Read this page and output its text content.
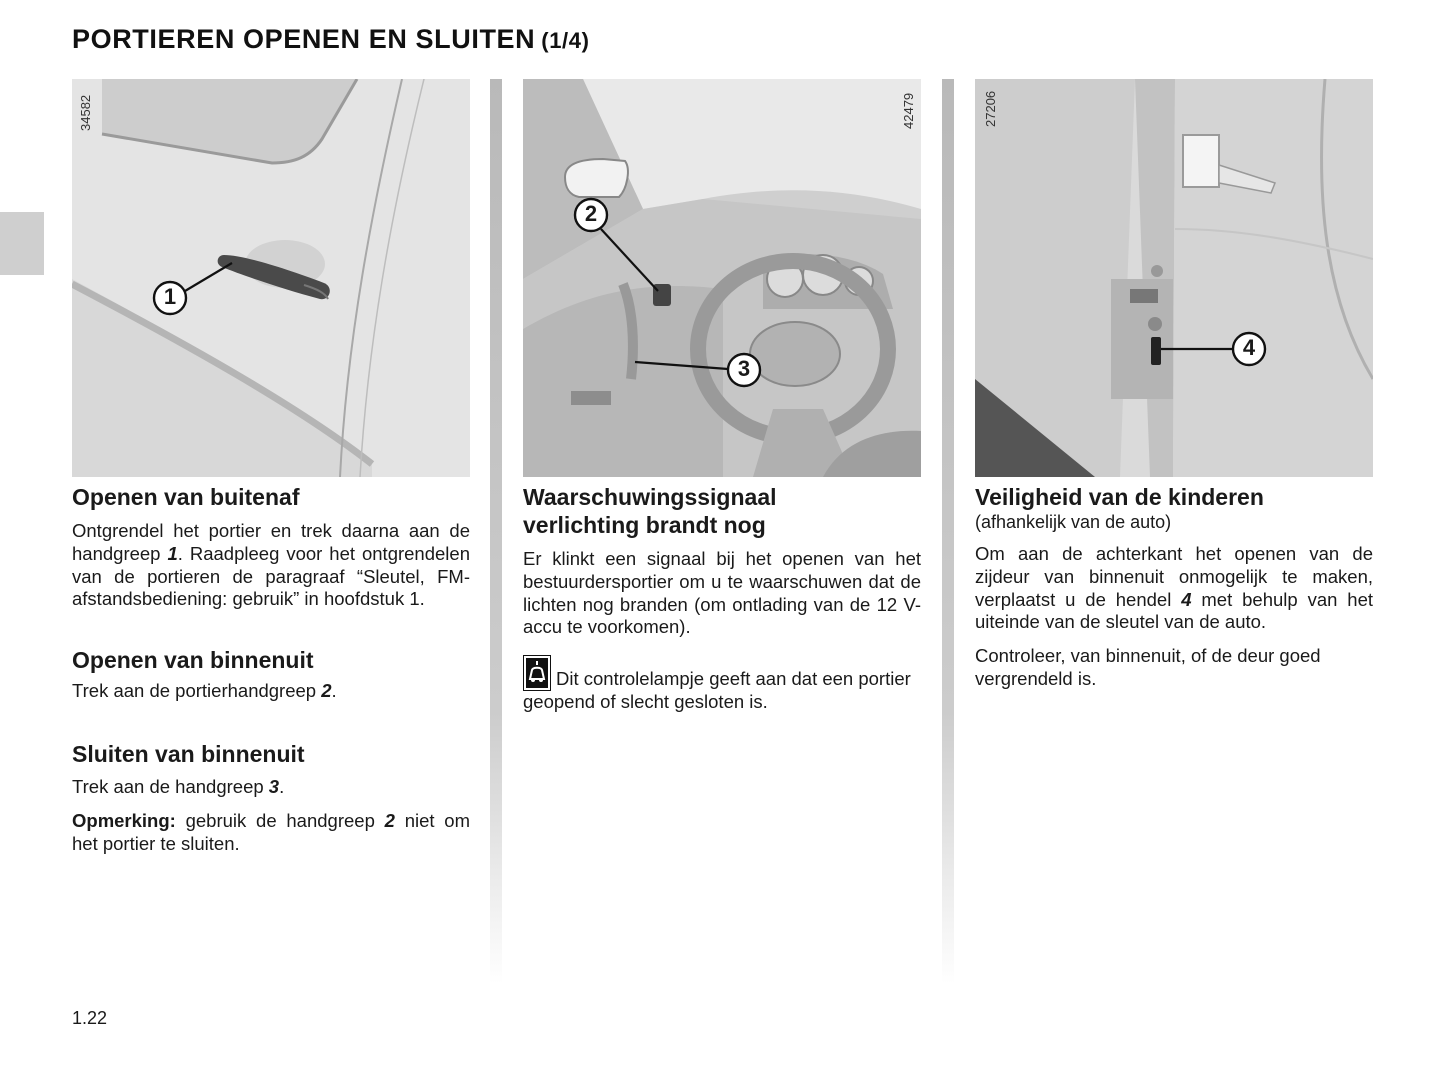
PORTIEREN OPENEN EN SLUITEN (1/4)
34582
1
Openen van buitenaf

Ontgrendel het portier en trek daarna aan de handgreep 1. Raadpleeg voor het ontgrendelen van de portieren de paragraaf “Sleutel, FM-afstandsbediening: gebruik” in hoofdstuk 1.

Openen van binnenuit

Trek aan de portierhandgreep 2.

Sluiten van binnenuit

Trek aan de handgreep 3.

Opmerking: gebruik de handgreep 2 niet om het portier te sluiten.

42479
2
3
Waarschuwingssignaal
verlichting brandt nog

Er klinkt een signaal bij het openen van het bestuurdersportier om u te waarschuwen dat de lichten nog branden (om ontlading van de 12 V-accu te voorkomen).

Dit controlelampje geeft aan dat een portier geopend of slecht gesloten is.

27206
4
Veiligheid van de kinderen
(afhankelijk van de auto)

Om aan de achterkant het openen van de zijdeur van binnenuit onmogelijk te maken, verplaatst u de hendel 4 met behulp van het uiteinde van de sleutel van de auto.

Controleer, van binnenuit, of de deur goed vergrendeld is.

1.22
